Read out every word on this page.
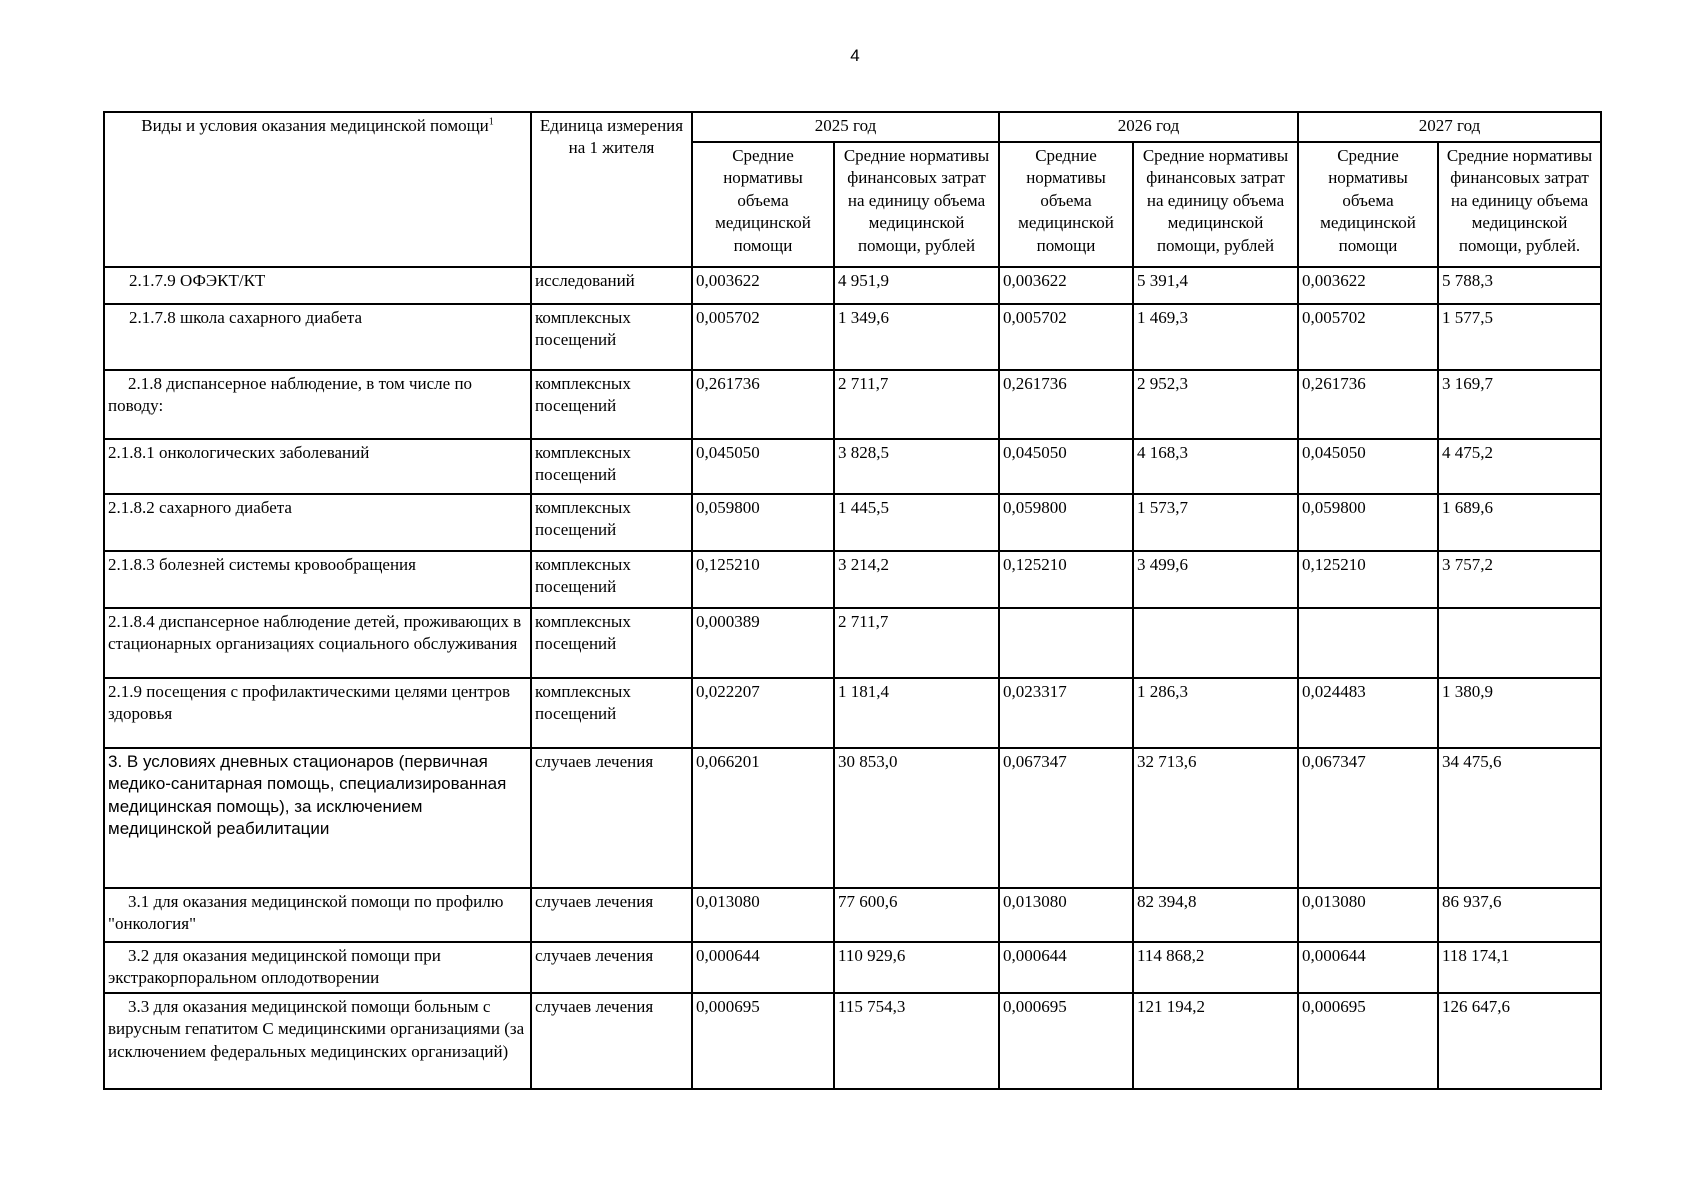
4
Виды и условия оказания медицинской помощи$^1$	Единица измерения на 1 жителя	2025 год		2026 год		2027 год	
		Средние нормативы объема медицинской помощи	Средние нормативы финансовых затрат на единицу объема медицинской помощи, рублей	Средние нормативы объема медицинской помощи	Средние нормативы финансовых затрат на единицу объема медицинской помощи, рублей	Средние нормативы объема медицинской помощи	Средние нормативы финансовых затрат на единицу объема медицинской помощи, рублей.
2.1.7.9 ОФЭКТ/КТ	исследований	0,003622	4 951,9	0,003622	5 391,4	0,003622	5 788,3
2.1.7.8 школа сахарного диабета	комплексных посещений	0,005702	1 349,6	0,005702	1 469,3	0,005702	1 577,5
2.1.8 диспансерное наблюдение, в том числе по поводу:	комплексных посещений	0,261736	2 711,7	0,261736	2 952,3	0,261736	3 169,7
2.1.8.1 онкологических заболеваний	комплексных посещений	0,045050	3 828,5	0,045050	4 168,3	0,045050	4 475,2
2.1.8.2 сахарного диабета	комплексных посещений	0,059800	1 445,5	0,059800	1 573,7	0,059800	1 689,6
2.1.8.3 болезней системы кровообращения	комплексных посещений	0,125210	3 214,2	0,125210	3 499,6	0,125210	3 757,2
2.1.8.4 диспансерное наблюдение детей, проживающих в стационарных организациях социального обслуживания	комплексных посещений	0,000389	2 711,7				
2.1.9 посещения с профилактическими целями центров здоровья	комплексных посещений	0,022207	1 181,4	0,023317	1 286,3	0,024483	1 380,9
3. В условиях дневных стационаров (первичная медико-санитарная помощь, специализированная медицинская помощь), за исключением медицинской реабилитации	случаев лечения	0,066201	30 853,0	0,067347	32 713,6	0,067347	34 475,6
3.1 для оказания медицинской помощи по профилю "онкология"	случаев лечения	0,013080	77 600,6	0,013080	82 394,8	0,013080	86 937,6
3.2 для оказания медицинской помощи при экстракорпоральном оплодотворении	случаев лечения	0,000644	110 929,6	0,000644	114 868,2	0,000644	118 174,1
3.3 для оказания медицинской помощи больным с вирусным гепатитом С медицинскими организациями (за исключением федеральных медицинских организаций)	случаев лечения	0,000695	115 754,3	0,000695	121 194,2	0,000695	126 647,6
